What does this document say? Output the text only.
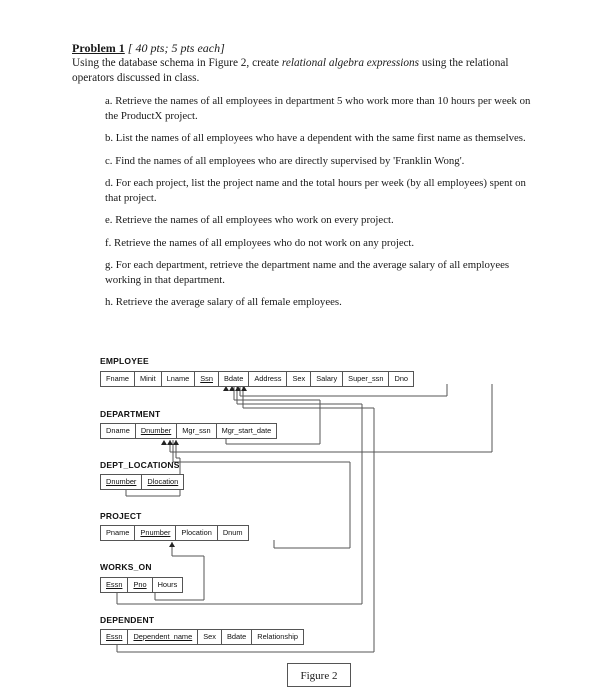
Problem 1 [ 40 pts; 5 pts each]
Using the database schema in Figure 2, create relational algebra expressions using the relational operators discussed in class.
a. Retrieve the names of all employees in department 5 who work more than 10 hours per week on the ProductX project.
b. List the names of all employees who have a dependent with the same first name as themselves.
c. Find the names of all employees who are directly supervised by 'Franklin Wong'.
d. For each project, list the project name and the total hours per week (by all employees) spent on that project.
e. Retrieve the names of all employees who work on every project.
f. Retrieve the names of all employees who do not work on any project.
g. For each department, retrieve the department name and the average salary of all employees working in that department.
h. Retrieve the average salary of all female employees.
EMPLOYEE
Fname	Minit	Lname	Ssn	Bdate	Address	Sex	Salary	Super_ssn	Dno
DEPARTMENT
Dname	Dnumber	Mgr_ssn	Mgr_start_date
DEPT_LOCATIONS
Dnumber	Dlocation
PROJECT
Pname	Pnumber	Plocation	Dnum
WORKS_ON
Essn	Pno	Hours
DEPENDENT
Essn	Dependent_name	Sex	Bdate	Relationship
Figure 2
